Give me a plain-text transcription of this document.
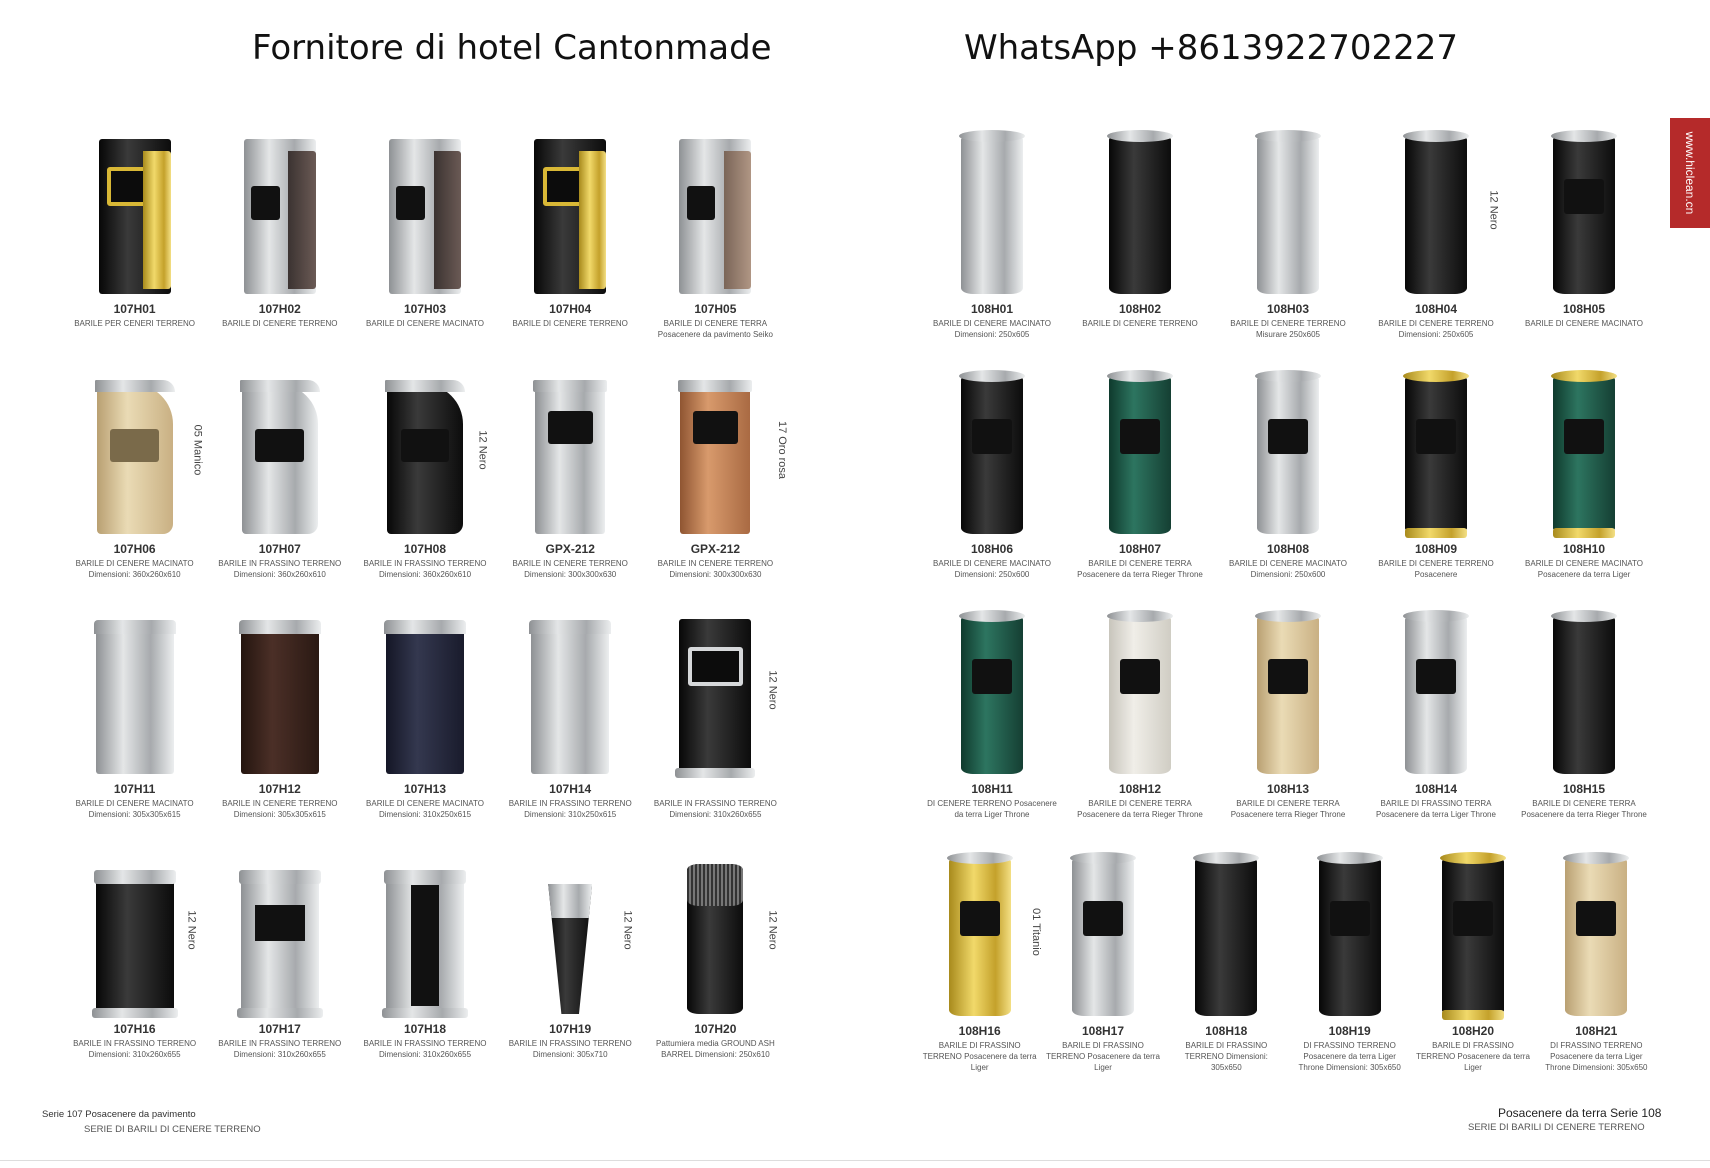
Fornitore di hotel Cantonmade	WhatsApp +8613922702227
www.hiclean.cn
107H01
BARILE PER CENERI TERRENO
107H02
BARILE DI CENERE TERRENO
107H03
BARILE DI CENERE MACINATO
107H04
BARILE DI CENERE TERRENO
107H05
BARILE DI CENERE TERRA Posacenere da pavimento Seiko
05 Manico
107H06
BARILE DI CENERE MACINATO Dimensioni: 360x260x610
107H07
BARILE IN FRASSINO TERRENO Dimensioni: 360x260x610
12 Nero
107H08
BARILE IN FRASSINO TERRENO Dimensioni: 360x260x610
GPX-212
BARILE IN CENERE TERRENO Dimensioni: 300x300x630
17 Oro rosa
GPX-212
BARILE IN CENERE TERRENO Dimensioni: 300x300x630
107H11
BARILE DI CENERE MACINATO Dimensioni: 305x305x615
107H12
BARILE IN CENERE TERRENO Dimensioni: 305x305x615
107H13
BARILE DI CENERE MACINATO Dimensioni: 310x250x615
107H14
BARILE IN FRASSINO TERRENO Dimensioni: 310x250x615
12 Nero
BARILE IN FRASSINO TERRENO Dimensioni: 310x260x655
12 Nero
107H16
BARILE IN FRASSINO TERRENO Dimensioni: 310x260x655
107H17
BARILE IN FRASSINO TERRENO Dimensioni: 310x260x655
107H18
BARILE IN FRASSINO TERRENO Dimensioni: 310x260x655
12 Nero
107H19
BARILE IN FRASSINO TERRENO Dimensioni: 305x710
12 Nero
107H20
Pattumiera media GROUND ASH BARREL Dimensioni: 250x610
108H01
BARILE DI CENERE MACINATO Dimensioni: 250x605
108H02
BARILE DI CENERE TERRENO
108H03
BARILE DI CENERE TERRENO Misurare 250x605
12 Nero
108H04
BARILE DI CENERE TERRENO Dimensioni: 250x605
108H05
BARILE DI CENERE MACINATO
108H06
BARILE DI CENERE MACINATO Dimensioni: 250x600
108H07
BARILE DI CENERE TERRA Posacenere da terra Rieger Throne
108H08
BARILE DI CENERE MACINATO Dimensioni: 250x600
108H09
BARILE DI CENERE TERRENO Posacenere
108H10
BARILE DI CENERE MACINATO Posacenere da terra Liger
108H11
DI CENERE TERRENO Posacenere da terra Liger Throne
108H12
BARILE DI CENERE TERRA Posacenere da terra Rieger Throne
108H13
BARILE DI CENERE TERRA Posacenere terra Rieger Throne
108H14
BARILE DI FRASSINO TERRA Posacenere da terra Liger Throne
108H15
BARILE DI CENERE TERRA Posacenere da terra Rieger Throne
01 Titanio
108H16
BARILE DI FRASSINO TERRENO Posacenere da terra Liger
108H17
BARILE DI FRASSINO TERRENO Posacenere da terra Liger
108H18
BARILE DI FRASSINO TERRENO Dimensioni: 305x650
108H19
DI FRASSINO TERRENO Posacenere da terra Liger Throne Dimensioni: 305x650
108H20
BARILE DI FRASSINO TERRENO Posacenere da terra Liger
108H21
DI FRASSINO TERRENO Posacenere da terra Liger Throne Dimensioni: 305x650
Serie 107 Posacenere da pavimento
SERIE DI BARILI DI CENERE TERRENO
Posacenere da terra Serie 108
SERIE DI BARILI DI CENERE TERRENO
